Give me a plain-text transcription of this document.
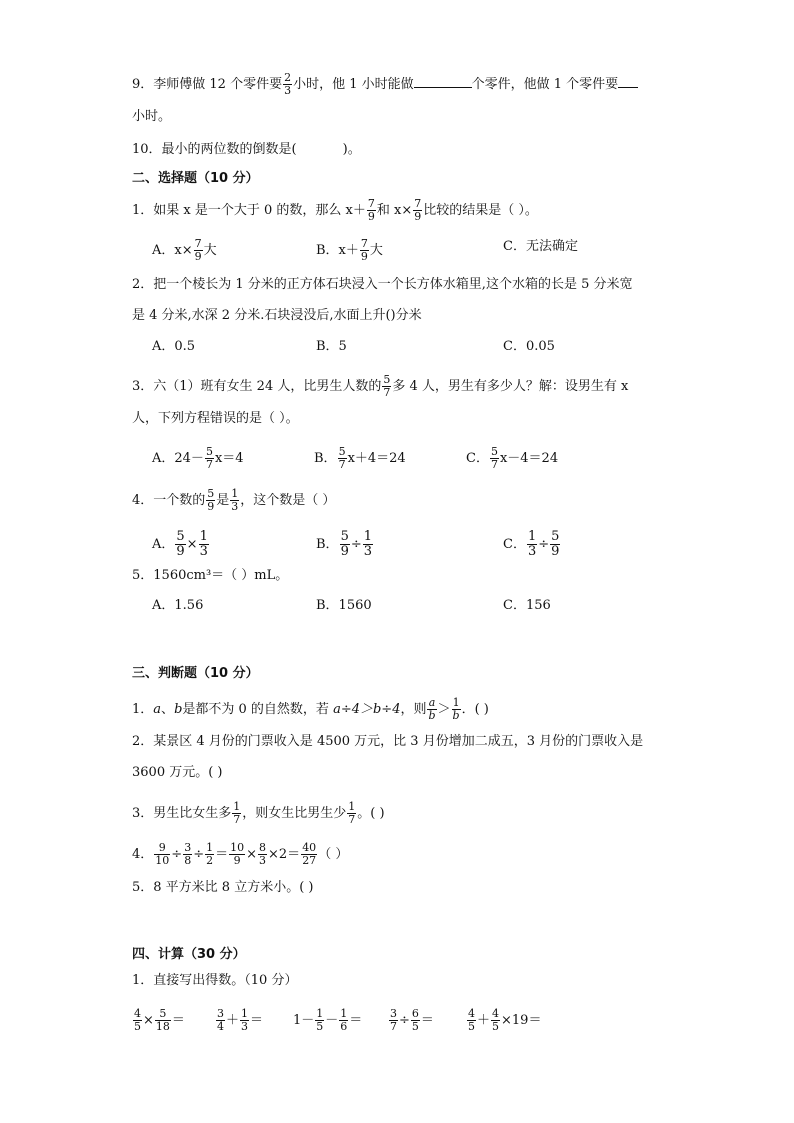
9．李师傅做 12 个零件要 $\frac{2}{3}$ 小时，他 1 小时能做	个零件，他做 1 个零件要
小时。
10．最小的两位数的倒数是(	)。
二、选择题（10 分）
1．如果 x 是一个大于 0 的数，那么 $x+ \frac{7}{9}$ 和 $x\times \frac{7}{9}$ 比较的结果是（ ）。
A．$x\times \frac{7}{9}$ 大	B．$x+ \frac{7}{9}$ 大	C．无法确定
2．把一个棱长为 1 分米的正方体石块浸入一个长方体水箱里,这个水箱的长是 5 分米宽
是 4 分米,水深 2 分米.石块浸没后,水面上升()分米
A．0.5	B．5	C．0.05
3．六（1）班有女生 24 人，比男生人数的 $\frac{5}{7}$ 多 4 人，男生有多少人？解：设男生有 x
人，下列方程错误的是（ ）。
A．$24- \frac{5}{7} x=4$	B． $\frac{5}{7} x+4=24$	C． $\frac{5}{7} x-4=24$
4．一个数的 $\frac{5}{9}$ 是 $\frac{1}{3}$ ，这个数是（ ）
A． $\frac{5}{9} \times \frac{1}{3}$	B． $\frac{5}{9} \div \frac{1}{3}$	C． $\frac{1}{3} \div \frac{5}{9}$
5．1560cm³＝（ ）mL。
A．1.56	B．1560	C．156
三、判断题（10 分）
1．a、b是都不为 0 的自然数，若 a÷4＞b÷4，则 $\frac{a}{b} > \frac{1}{b}$ ．( )
2．某景区 4 月份的门票收入是 4500 万元，比 3 月份增加二成五，3 月份的门票收入是
3600 万元。( )
3．男生比女生多 $\frac{1}{7}$ ，则女生比男生少 $\frac{1}{7}$ 。( )
4． $\frac{9}{10} \div \frac{3}{8} \div \frac{1}{2} = \frac{10}{9} \times \frac{8}{3} \times 2= \frac{40}{27}$ （ ）
5．8 平方米比 8 立方米小。( )
四、计算（30 分）
1．直接写出得数。（10 分）
$\frac{4}{5} \times \frac{5}{18}$ ＝	$\frac{3}{4} + \frac{1}{3} = 1- \frac{1}{5} - \frac{1}{6} = \frac{3}{7} \div \frac{6}{5}$ ＝	$\frac{4}{5} + \frac{4}{5} \times 19=$
